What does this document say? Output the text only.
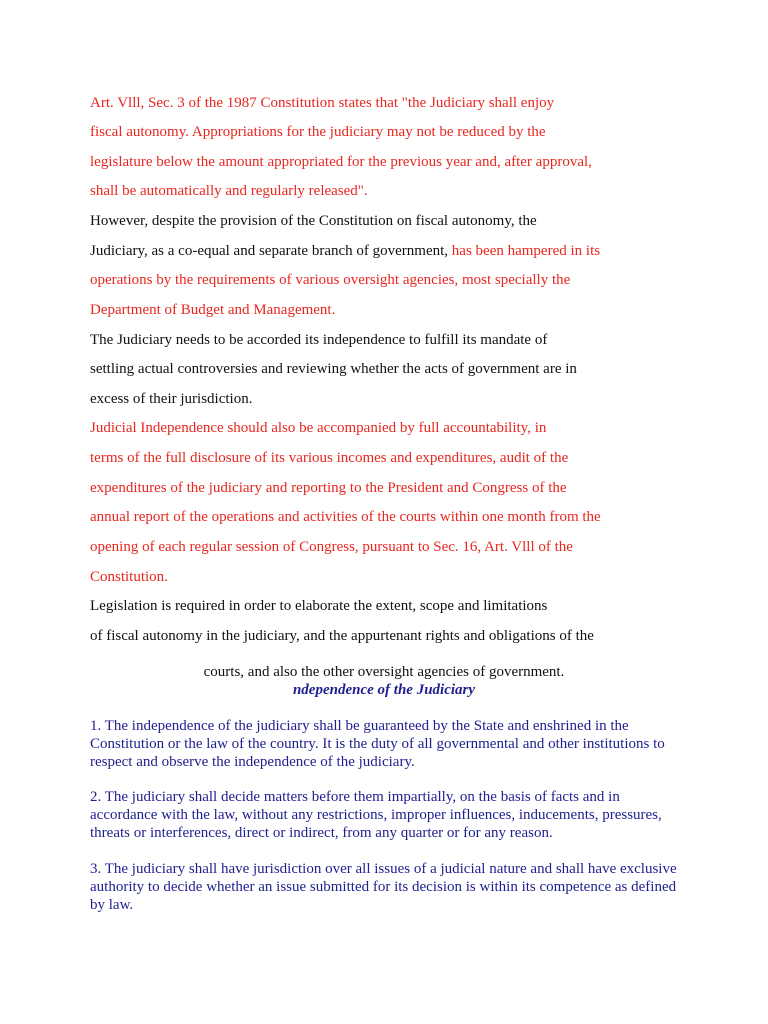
Art. Vlll, Sec. 3 of the 1987 Constitution states that "the Judiciary shall enjoy
fiscal autonomy. Appropriations for the judiciary may not be reduced by the
legislature below the amount appropriated for the previous year and, after approval,
shall be automatically and regularly released".
However, despite the provision of the Constitution on fiscal autonomy, the
Judiciary, as a co-equal and separate branch of government, has been hampered in its
operations by the requirements of various oversight agencies, most specially the
Department of Budget and Management.
The Judiciary needs to be accorded its independence to fulfill its mandate of
settling actual controversies and reviewing whether the acts of government are in
excess of their jurisdiction.
Judicial Independence should also be accompanied by full accountability, in
terms of the full disclosure of its various incomes and expenditures, audit of the
expenditures of the judiciary and reporting to the President and Congress of the
annual report of the operations and activities of the courts within one month from the
opening of each regular session of Congress, pursuant to Sec. 16, Art. Vlll of the
Constitution.
Legislation is required in order to elaborate the extent, scope and limitations
of fiscal autonomy in the judiciary, and the appurtenant rights and obligations of the
courts, and also the other oversight agencies of government.
ndependence of the Judiciary
1. The independence of the judiciary shall be guaranteed by the State and enshrined in the Constitution or the law of the country. It is the duty of all governmental and other institutions to respect and observe the independence of the judiciary.
2. The judiciary shall decide matters before them impartially, on the basis of facts and in accordance with the law, without any restrictions, improper influences, inducements, pressures, threats or interferences, direct or indirect, from any quarter or for any reason.
3. The judiciary shall have jurisdiction over all issues of a judicial nature and shall have exclusive authority to decide whether an issue submitted for its decision is within its competence as defined by law.
